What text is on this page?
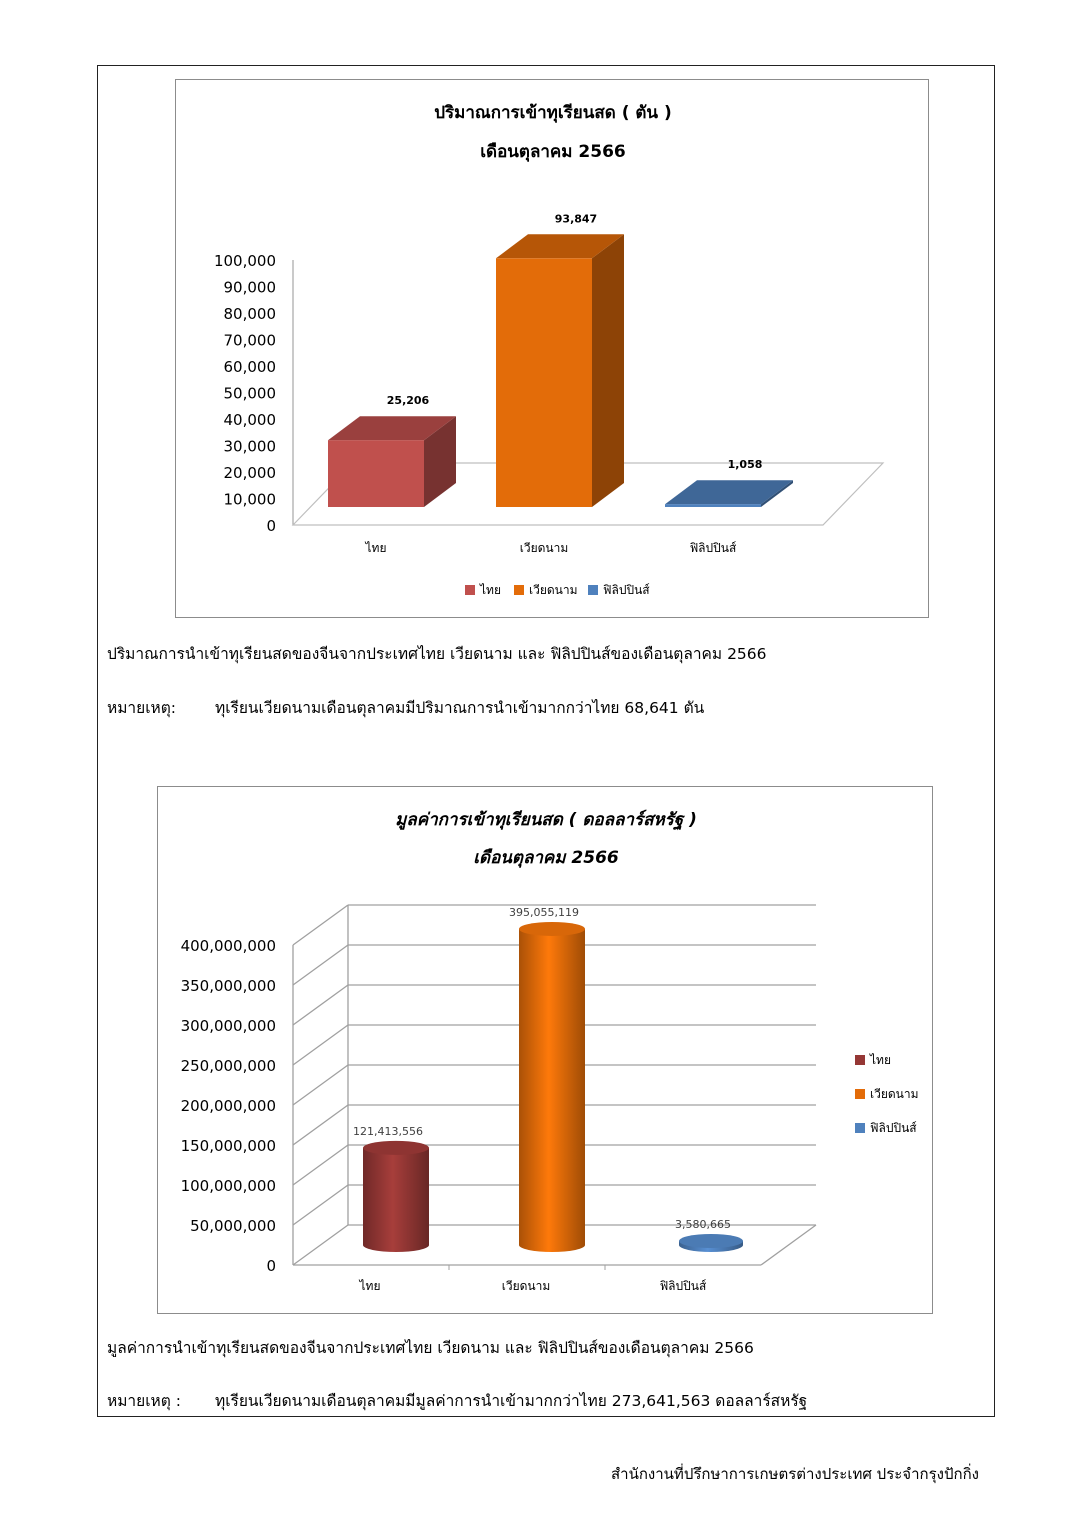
ปริมาณการเข้าทุเรียนสด ( ตัน )
เดือนตุลาคม 2566
0
10,000
20,000
30,000
40,000
50,000
60,000
70,000
80,000
90,000
100,000
25,206
ไทย
93,847
เวียดนาม
1,058
ฟิลิปปินส์
ไทย เวียดนาม ฟิลิปปินส์
ปริมาณการนำเข้าทุเรียนสดของจีนจากประเทศไทย เวียดนาม และ ฟิลิปปินส์ของเดือนตุลาคม 2566
หมายเหตุ:	ทุเรียนเวียดนามเดือนตุลาคมมีปริมาณการนำเข้ามากกว่าไทย 68,641 ตัน
มูลค่าการเข้าทุเรียนสด ( ดอลลาร์สหรัฐ )
เดือนตุลาคม 2566
0
50,000,000
100,000,000
150,000,000
200,000,000
250,000,000
300,000,000
350,000,000
400,000,000
121,413,556
ไทย
395,055,119
เวียดนาม
3,580,665
ฟิลิปปินส์
ไทย
เวียดนาม
ฟิลิปปินส์
มูลค่าการนำเข้าทุเรียนสดของจีนจากประเทศไทย เวียดนาม และ ฟิลิปปินส์ของเดือนตุลาคม 2566
หมายเหตุ : ทุเรียนเวียดนามเดือนตุลาคมมีมูลค่าการนำเข้ามากกว่าไทย 273,641,563 ดอลลาร์สหรัฐ
สำนักงานที่ปรึกษาการเกษตรต่างประเทศ ประจำกรุงปักกิ่ง
